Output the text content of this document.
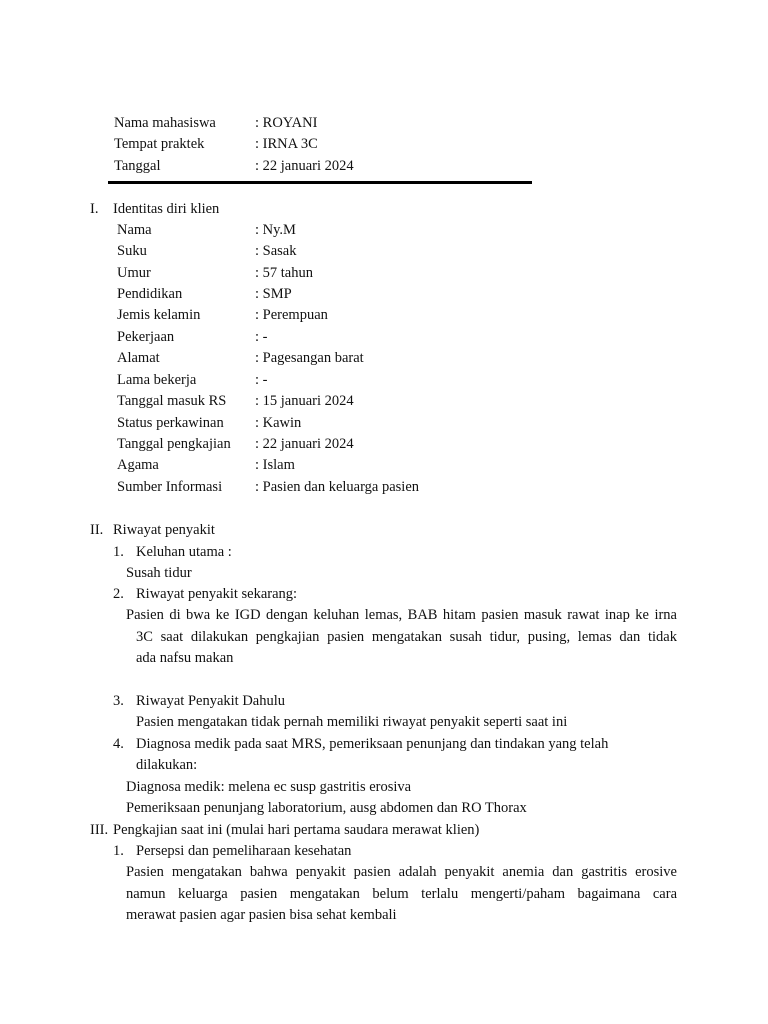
Nama mahasiswa	: ROYANI
Tempat praktek	: IRNA 3C
Tanggal	: 22 januari 2024
I. Identitas diri klien
Nama	: Ny.M
Suku	: Sasak
Umur	: 57 tahun
Pendidikan	: SMP
Jemis kelamin	: Perempuan
Pekerjaan	: -
Alamat	: Pagesangan barat
Lama bekerja	: -
Tanggal masuk RS : 15 januari 2024
Status perkawinan : Kawin
Tanggal pengkajian : 22 januari 2024
Agama	: Islam
Sumber Informasi : Pasien dan keluarga pasien
II. Riwayat penyakit
1. Keluhan utama :
Susah tidur
2. Riwayat penyakit sekarang:
Pasien di bwa ke IGD dengan keluhan lemas, BAB hitam pasien masuk rawat inap ke irna
3C saat dilakukan pengkajian pasien mengatakan susah tidur, pusing, lemas dan tidak
ada nafsu makan
3. Riwayat Penyakit Dahulu
Pasien mengatakan tidak pernah memiliki riwayat penyakit seperti saat ini
4. Diagnosa medik pada saat MRS, pemeriksaan penunjang dan tindakan yang telah
dilakukan:
Diagnosa medik: melena ec susp gastritis erosiva
Pemeriksaan penunjang laboratorium, ausg abdomen dan RO Thorax
III. Pengkajian saat ini (mulai hari pertama saudara merawat klien)
1. Persepsi dan pemeliharaan kesehatan
Pasien mengatakan bahwa penyakit pasien adalah penyakit anemia dan gastritis erosive
namun keluarga pasien mengatakan belum terlalu mengerti/paham bagaimana cara
merawat pasien agar pasien bisa sehat kembali
